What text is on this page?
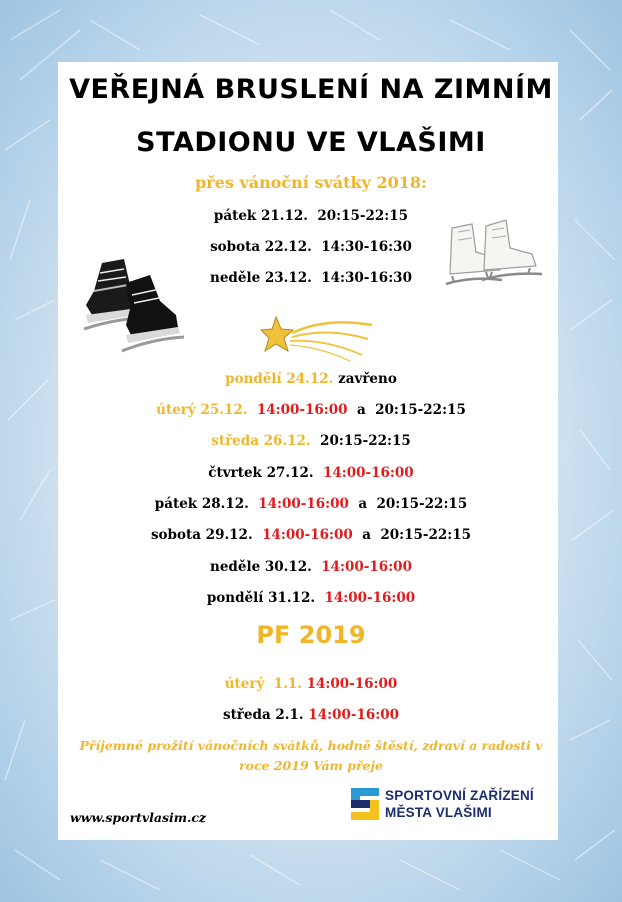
VEŘEJNÁ BRUSLENÍ NA ZIMNÍM
STADIONU VE VLAŠIMI
přes vánoční svátky 2018:
pátek 21.12. 20:15-22:15
sobota 22.12. 14:30-16:30
neděle 23.12. 14:30-16:30
pondělí 24.12. zavřeno
úterý 25.12. 14:00-16:00 a 20:15-22:15
středa 26.12. 20:15-22:15
čtvrtek 27.12. 14:00-16:00
pátek 28.12. 14:00-16:00 a 20:15-22:15
sobota 29.12. 14:00-16:00 a 20:15-22:15
neděle 30.12. 14:00-16:00
pondělí 31.12. 14:00-16:00
PF 2019
úterý  1.1. 14:00-16:00
středa 2.1. 14:00-16:00
Příjemné prožití vánočních svátků, hodně štěstí, zdraví a radosti v roce 2019 Vám přeje
www.sportvlasim.cz
SPORTOVNÍ ZAŘÍZENÍ
MĚSTA VLAŠIMI
